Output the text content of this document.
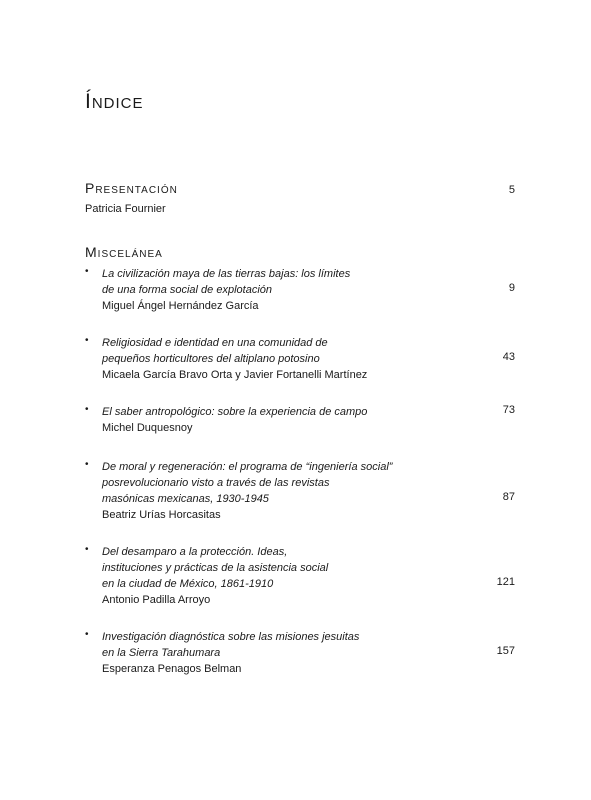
Índice
Presentación	5
Patricia Fournier
Miscelánea
• La civilización maya de las tierras bajas: los límites
de una forma social de explotación
Miguel Ángel Hernández García
9
• Religiosidad e identidad en una comunidad de
pequeños horticultores del altiplano potosino
Micaela García Bravo Orta y Javier Fortanelli Martínez
43
• El saber antropológico: sobre la experiencia de campo
Michel Duquesnoy
73
• De moral y regeneración: el programa de “ingeniería social”
posrevolucionario visto a través de las revistas
masónicas mexicanas, 1930-1945
Beatriz Urías Horcasitas
87
• Del desamparo a la protección. Ideas,
instituciones y prácticas de la asistencia social
en la ciudad de México, 1861-1910
Antonio Padilla Arroyo
121
• Investigación diagnóstica sobre las misiones jesuitas
en la Sierra Tarahumara
Esperanza Penagos Belman
157
